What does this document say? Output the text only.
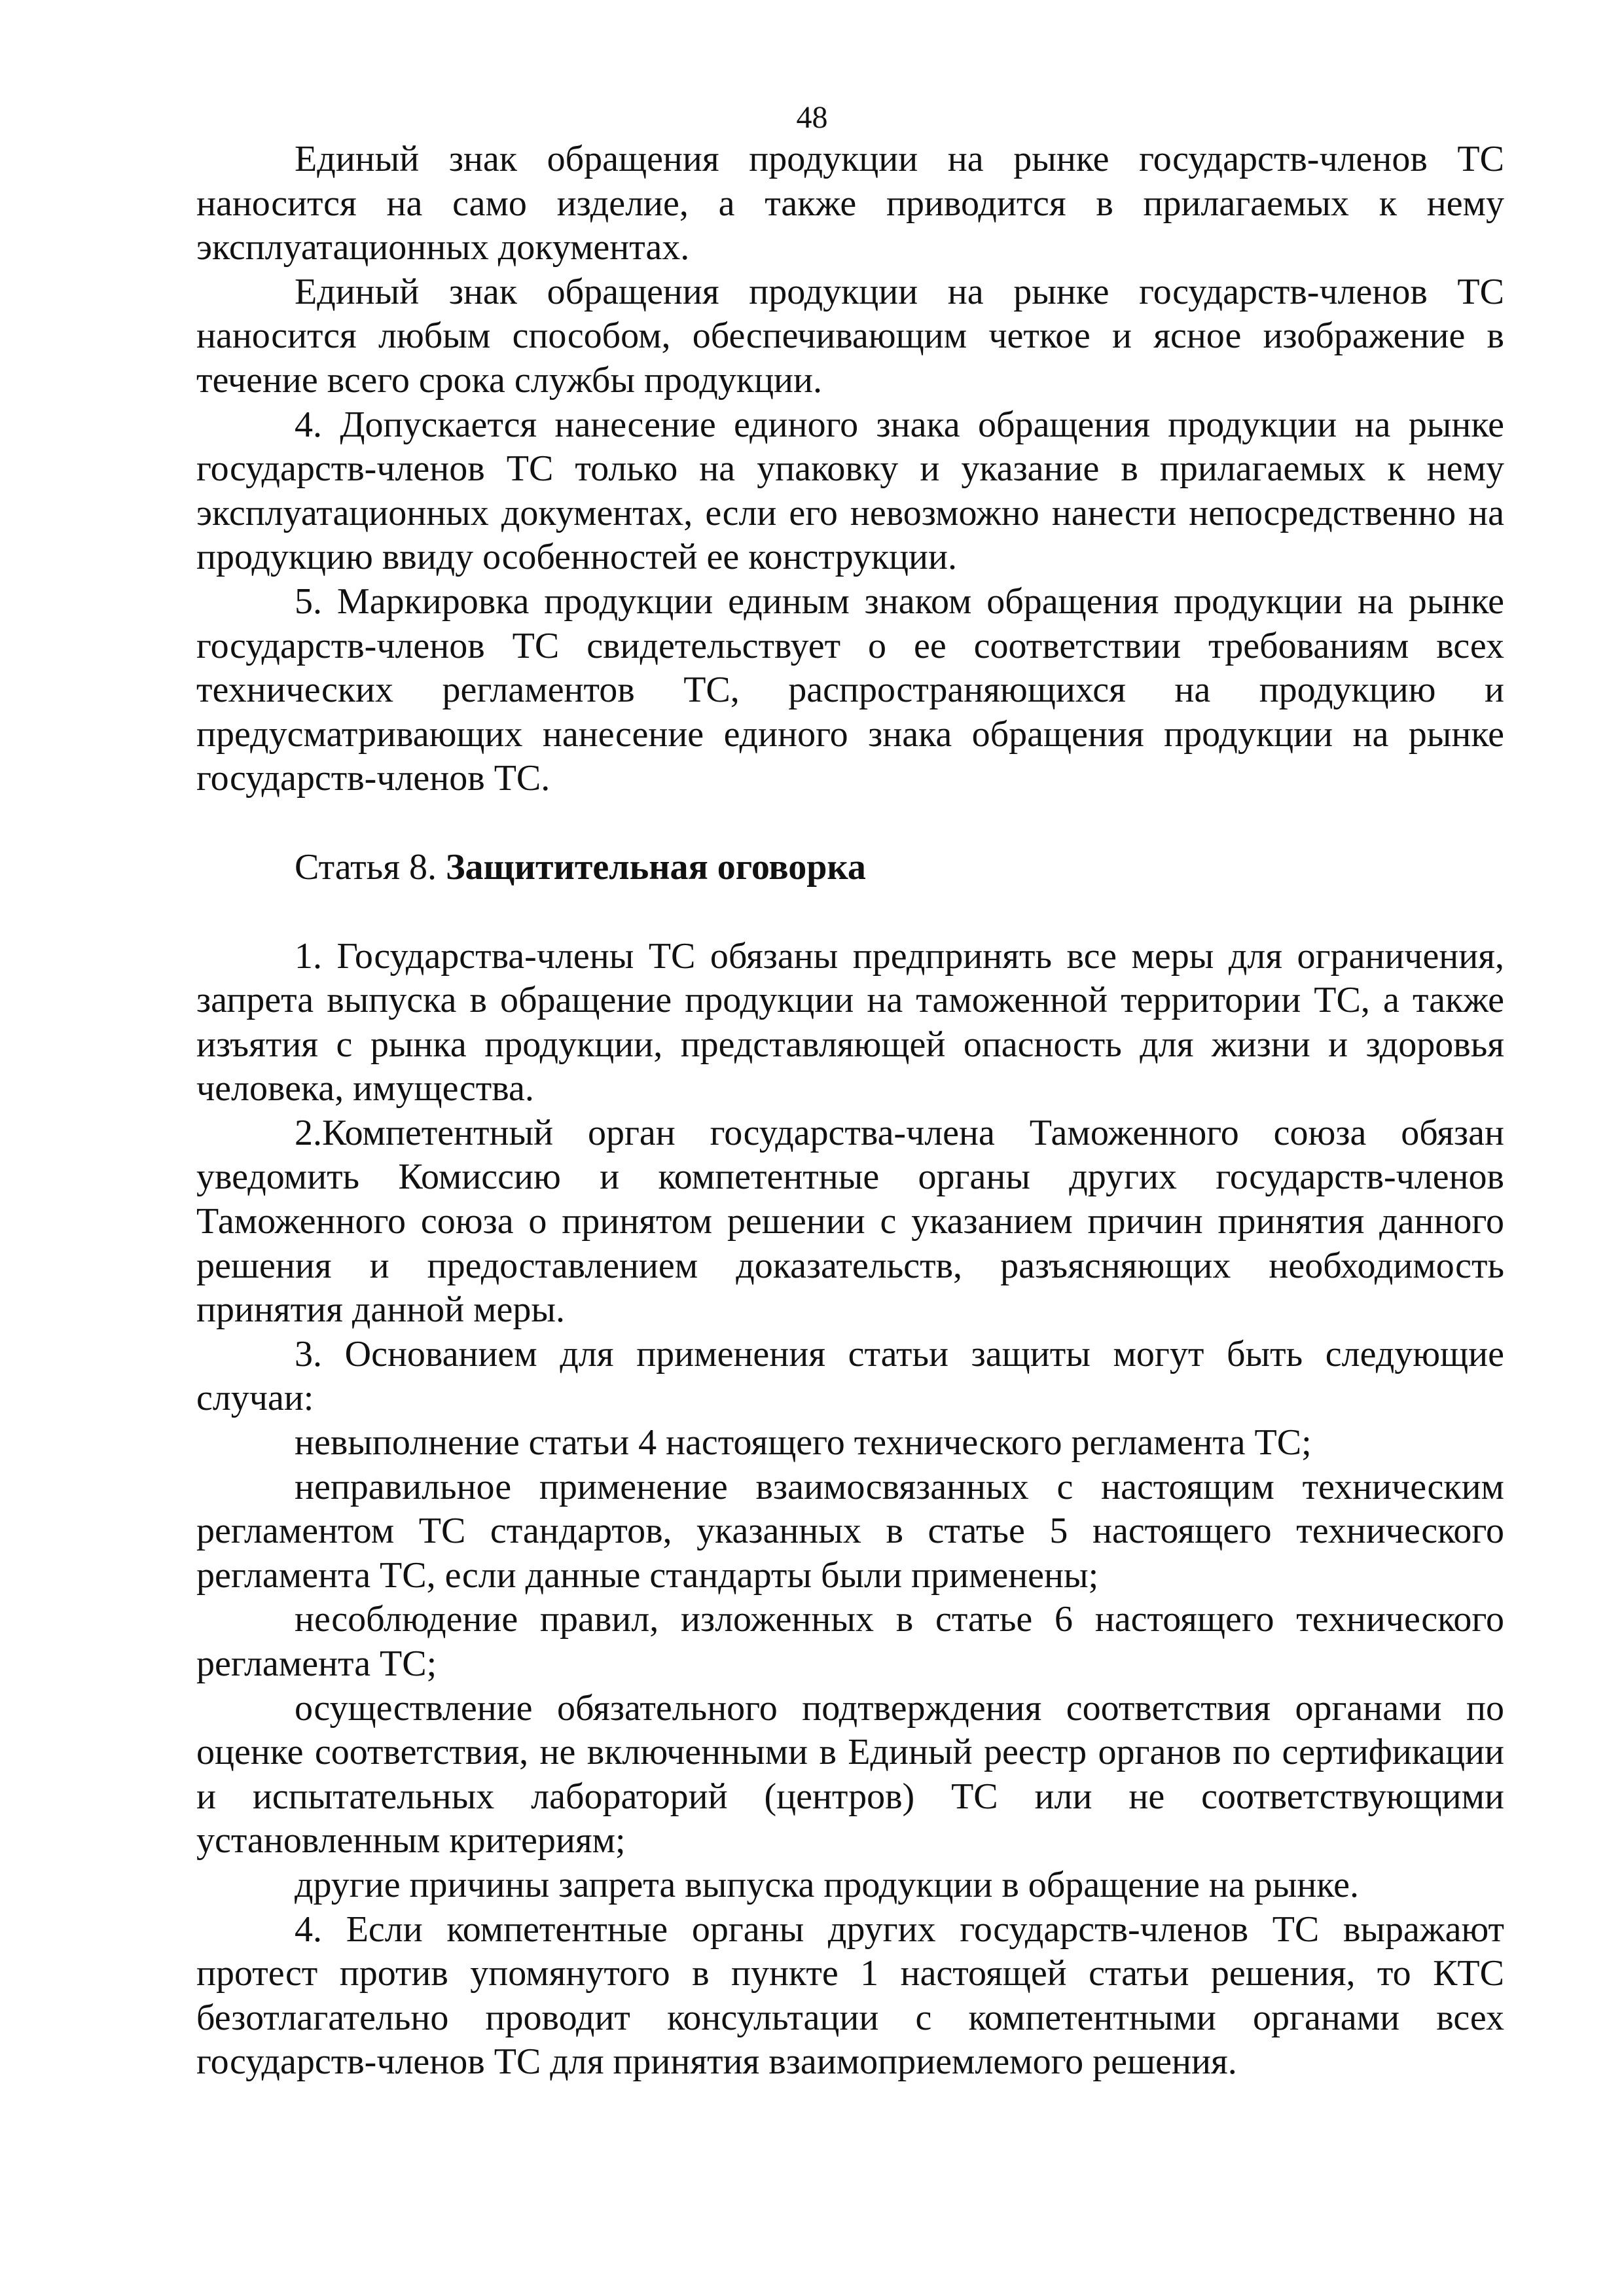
48

Единый знак обращения продукции на рынке государств-членов ТС наносится на само изделие, а также приводится в прилагаемых к нему эксплуатационных документах.

Единый знак обращения продукции на рынке государств-членов ТС наносится любым способом, обеспечивающим четкое и ясное изображение в течение всего срока службы продукции.

4. Допускается нанесение единого знака обращения продукции на рынке государств-членов ТС только на упаковку и указание в прилагаемых к нему эксплуатационных документах, если его невозможно нанести непосредственно на продукцию ввиду особенностей ее конструкции.

5. Маркировка продукции единым знаком обращения продукции на рынке государств-членов ТС свидетельствует о ее соответствии требованиям всех технических регламентов ТС, распространяющихся на продукцию и предусматривающих нанесение единого знака обращения продукции на рынке государств-членов ТС.

Статья 8. Защитительная оговорка

1. Государства-члены ТС обязаны предпринять все меры для ограничения, запрета выпуска в обращение продукции на таможенной территории ТС, а также изъятия с рынка продукции, представляющей опасность для жизни и здоровья человека, имущества.

2.Компетентный орган государства-члена Таможенного союза обязан уведомить Комиссию и компетентные органы других государств-членов Таможенного союза о принятом решении с указанием причин принятия данного решения и предоставлением доказательств, разъясняющих необходимость принятия данной меры.

3. Основанием для применения статьи защиты могут быть следующие случаи:

невыполнение статьи 4 настоящего технического регламента ТС;

неправильное применение взаимосвязанных с настоящим техническим регламентом ТС стандартов, указанных в статье 5 настоящего технического регламента ТС, если данные стандарты были применены;

несоблюдение правил, изложенных в статье 6 настоящего технического регламента ТС;

осуществление обязательного подтверждения соответствия органами по оценке соответствия, не включенными в Единый реестр органов по сертификации и испытательных лабораторий (центров) ТС или не соответствующими установленным критериям;

другие причины запрета выпуска продукции в обращение на рынке.

4. Если компетентные органы других государств-членов ТС выражают протест против упомянутого в пункте 1 настоящей статьи решения, то КТС безотлагательно проводит консультации с компетентными органами всех государств-членов ТС для принятия взаимоприемлемого решения.
